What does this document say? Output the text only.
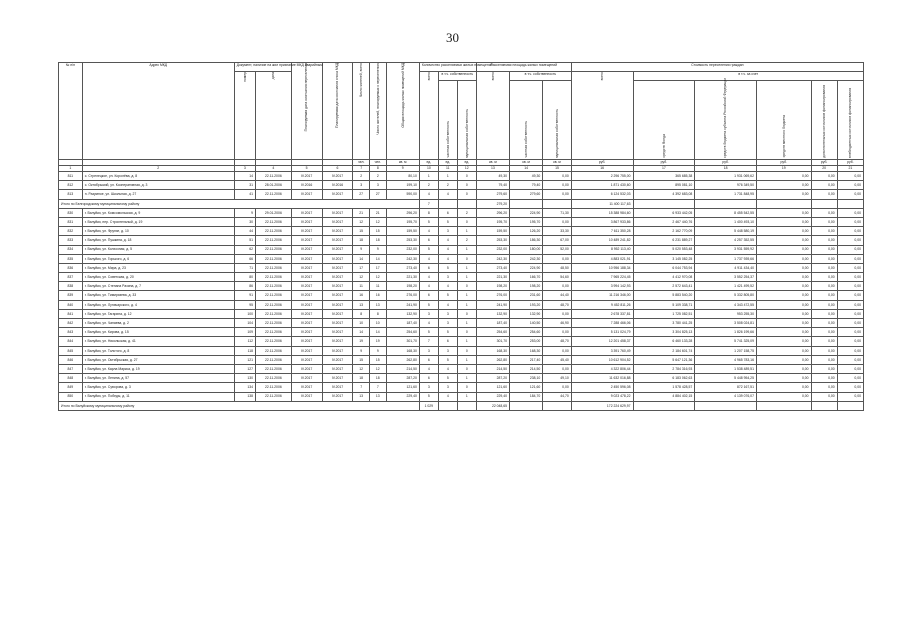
30
№ п/п	Адрес МКД	Документ, наличие на жил признание МКД аварийным		Планируемая дата окончания переселения	Планируемая дата окончания сноса МКД	Число жителей, всего	Число жителей, планируемых к переселению	Общая площадь жилых помещений МКД	Количество расселяемых жилых помещений			Расселяемая площадь жилых помещений			Стоимость переселения граждан					
		номер	дата						всего	в т.ч. собственность		всего	в т.ч. собственность		всего	в т.ч. за счет				
										частная собственность	муниципальная собственность		частная собственность	муниципальная собственность		средств Фонда	средств бюджета субъекта Российской Федерации	средств местного бюджета	дополнительных источников финансирования	внебюджетных источников финансирования
						чел.	чел.	кв. м	ед.	ед.	ед.	кв. м	кв. м	кв. м	руб.	руб.	руб.	руб.	руб.	руб.
1	2	3	4	5	6	7	8	9	10	11	12	13	14	15	16	17	18	19	20	21
811	с. Стрелецкое, ул. Королёва, д. 8	14	22.11.2006	IV.2017	IV.2017	2	2	80,10	1	1	0	49,30	49,30	0,00	2 296 755,00	365 685,38	1 931 069,62	0,00	0,00	0,00
812	с. Октябрьский, ул. Кооперативная, д. 3	31	28.01.2006	IV.2016	IV.2016	3	3	199,10	2	2	0	79,40	79,40	0,00	1 871 430,60	895 081,10	976 349,50	0,00	0,00	0,00
813	п. Разумное, ул. Школьная, д. 27	41	22.11.2006	IV.2017	IV.2017	27	27	590,00	4	4	0	279,60	279,60	0,00	6 124 532,03	4 392 683,08	1 731 848,95	0,00	0,00	0,00
Итого по Белгородскому муниципальному району									7			279,20			11 400 117,63					
830	г. Валуйки, ул. Комсомольская, д. 9	9	29.01.2006	IV.2017	IV.2017	21	21	296,20	8	6	2	296,20	224,90	71,30	15 388 984,60	6 933 442,05	8 455 542,55	0,00	0,00	0,00
831	г. Валуйки, пер. Строительный, д. 19	30	22.11.2006	IV.2017	IV.2017	12	12	195,70	5	5	0	195,70	195,70	0,00	3 867 933,86	2 467 440,76	1 400 493,10	0,00	0,00	0,00
832	г. Валуйки, ул. Фрунзе, д. 10	44	22.11.2006	IV.2017	IV.2017	15	15	159,50	4	3	1	159,50	126,20	33,30	7 611 350,28	2 162 770,09	5 448 580,19	0,00	0,00	0,00
833	г. Валуйки, ул. Пушкина, д. 18	51	22.11.2006	IV.2017	IV.2017	18	18	253,30	6	4	2	253,30	186,30	67,00	10 489 241,82	6 231 889,27	4 257 352,55	0,00	0,00	0,00
834	г. Валуйки, ул. Колхозная, д. 5	62	22.11.2006	IV.2017	IV.2017	9	9	232,00	5	4	1	232,00	180,00	52,00	8 952 113,40	5 020 553,48	3 931 559,92	0,00	0,00	0,00
835	г. Валуйки, ул. Горького, д. 6	66	22.11.2006	IV.2017	IV.2017	14	14	242,30	4	4	0	242,30	242,30	0,00	4 883 021,91	3 145 082,25	1 737 939,66	0,00	0,00	0,00
836	г. Валуйки, ул. Мира, д. 23	71	22.11.2006	IV.2017	IV.2017	17	17	273,40	6	5	1	273,40	224,90	48,50	10 956 188,34	6 044 753,94	4 911 434,40	0,00	0,00	0,00
837	г. Валуйки, ул. Советская, д. 20	80	22.11.2006	IV.2017	IV.2017	12	12	221,30	4	3	1	221,30	166,70	54,60	7 965 224,45	4 412 970,08	3 552 254,37	0,00	0,00	0,00
838	г. Валуйки, ул. Степана Разина, д. 7	86	22.11.2006	IV.2017	IV.2017	11	11	198,20	4	4	0	198,20	198,20	0,00	3 994 142,93	2 572 643,41	1 421 499,52	0,00	0,00	0,00
839	г. Валуйки, ул. Тимирязева, д. 33	91	22.11.2006	IV.2017	IV.2017	16	16	276,00	6	5	1	276,00	231,60	44,40	11 216 346,00	5 883 540,20	5 332 805,80	0,00	0,00	0,00
840	г. Валуйки, ул. Луначарского, д. 4	95	22.11.2006	IV.2017	IV.2017	13	13	241,90	5	4	1	241,90	193,20	48,70	9 452 811,26	5 109 338,71	4 343 472,55	0,00	0,00	0,00
841	г. Валуйки, ул. Гагарина, д. 12	100	22.11.2006	IV.2017	IV.2017	8	8	132,90	3	3	0	132,90	132,90	0,00	2 678 337,81	1 725 082,51	953 255,30	0,00	0,00	0,00
842	г. Валуйки, ул. Чапаева, д. 2	104	22.11.2006	IV.2017	IV.2017	10	10	187,40	4	3	1	187,40	140,50	46,90	7 288 466,06	3 780 441,25	3 508 024,81	0,00	0,00	0,00
843	г. Валуйки, ул. Кирова, д. 15	109	22.11.2006	IV.2017	IV.2017	14	14	254,60	5	5	0	254,60	254,60	0,00	5 131 024,79	3 304 825,13	1 826 199,66	0,00	0,00	0,00
844	г. Валуйки, ул. Никольская, д. 41	112	22.11.2006	IV.2017	IV.2017	19	19	301,70	7	6	1	301,70	253,00	48,70	12 201 458,37	6 460 133,28	5 741 325,09	0,00	0,00	0,00
845	г. Валуйки, ул. Толстого, д. 8	118	22.11.2006	IV.2017	IV.2017	9	9	168,30	3	3	0	168,30	168,30	0,00	3 391 760,49	2 184 601,74	1 207 158,75	0,00	0,00	0,00
846	г. Валуйки, ул. Октябрьская, д. 27	121	22.11.2006	IV.2017	IV.2017	15	15	262,80	6	5	1	262,80	217,40	45,40	10 612 904,52	5 647 121,36	4 965 783,16	0,00	0,00	0,00
847	г. Валуйки, ул. Карла Маркса, д. 19	127	22.11.2006	IV.2017	IV.2017	12	12	214,50	4	4	0	214,50	214,50	0,00	4 322 806,44	2 784 316,93	1 538 489,51	0,00	0,00	0,00
848	г. Валуйки, ул. Ленина, д. 57	130	22.11.2006	IV.2017	IV.2017	18	18	287,20	6	5	1	287,20	238,10	49,10	11 632 016,88	6 183 062,63	5 448 954,25	0,00	0,00	0,00
849	г. Валуйки, ул. Суворова, д. 3	134	22.11.2006	IV.2017	IV.2017	7	7	121,60	3	3	0	121,60	121,60	0,00	2 450 596,08	1 578 428,57	872 167,51	0,00	0,00	0,00
850	г. Валуйки, ул. Победы, д. 11	138	22.11.2006	IV.2017	IV.2017	13	13	229,40	5	4	1	229,40	184,70	44,70	9 023 478,22	4 884 402,15	4 139 076,07	0,00	0,00	0,00
Итого по Валуйскому муниципальному району									1 029			22 048,65			172 224 629,97					
